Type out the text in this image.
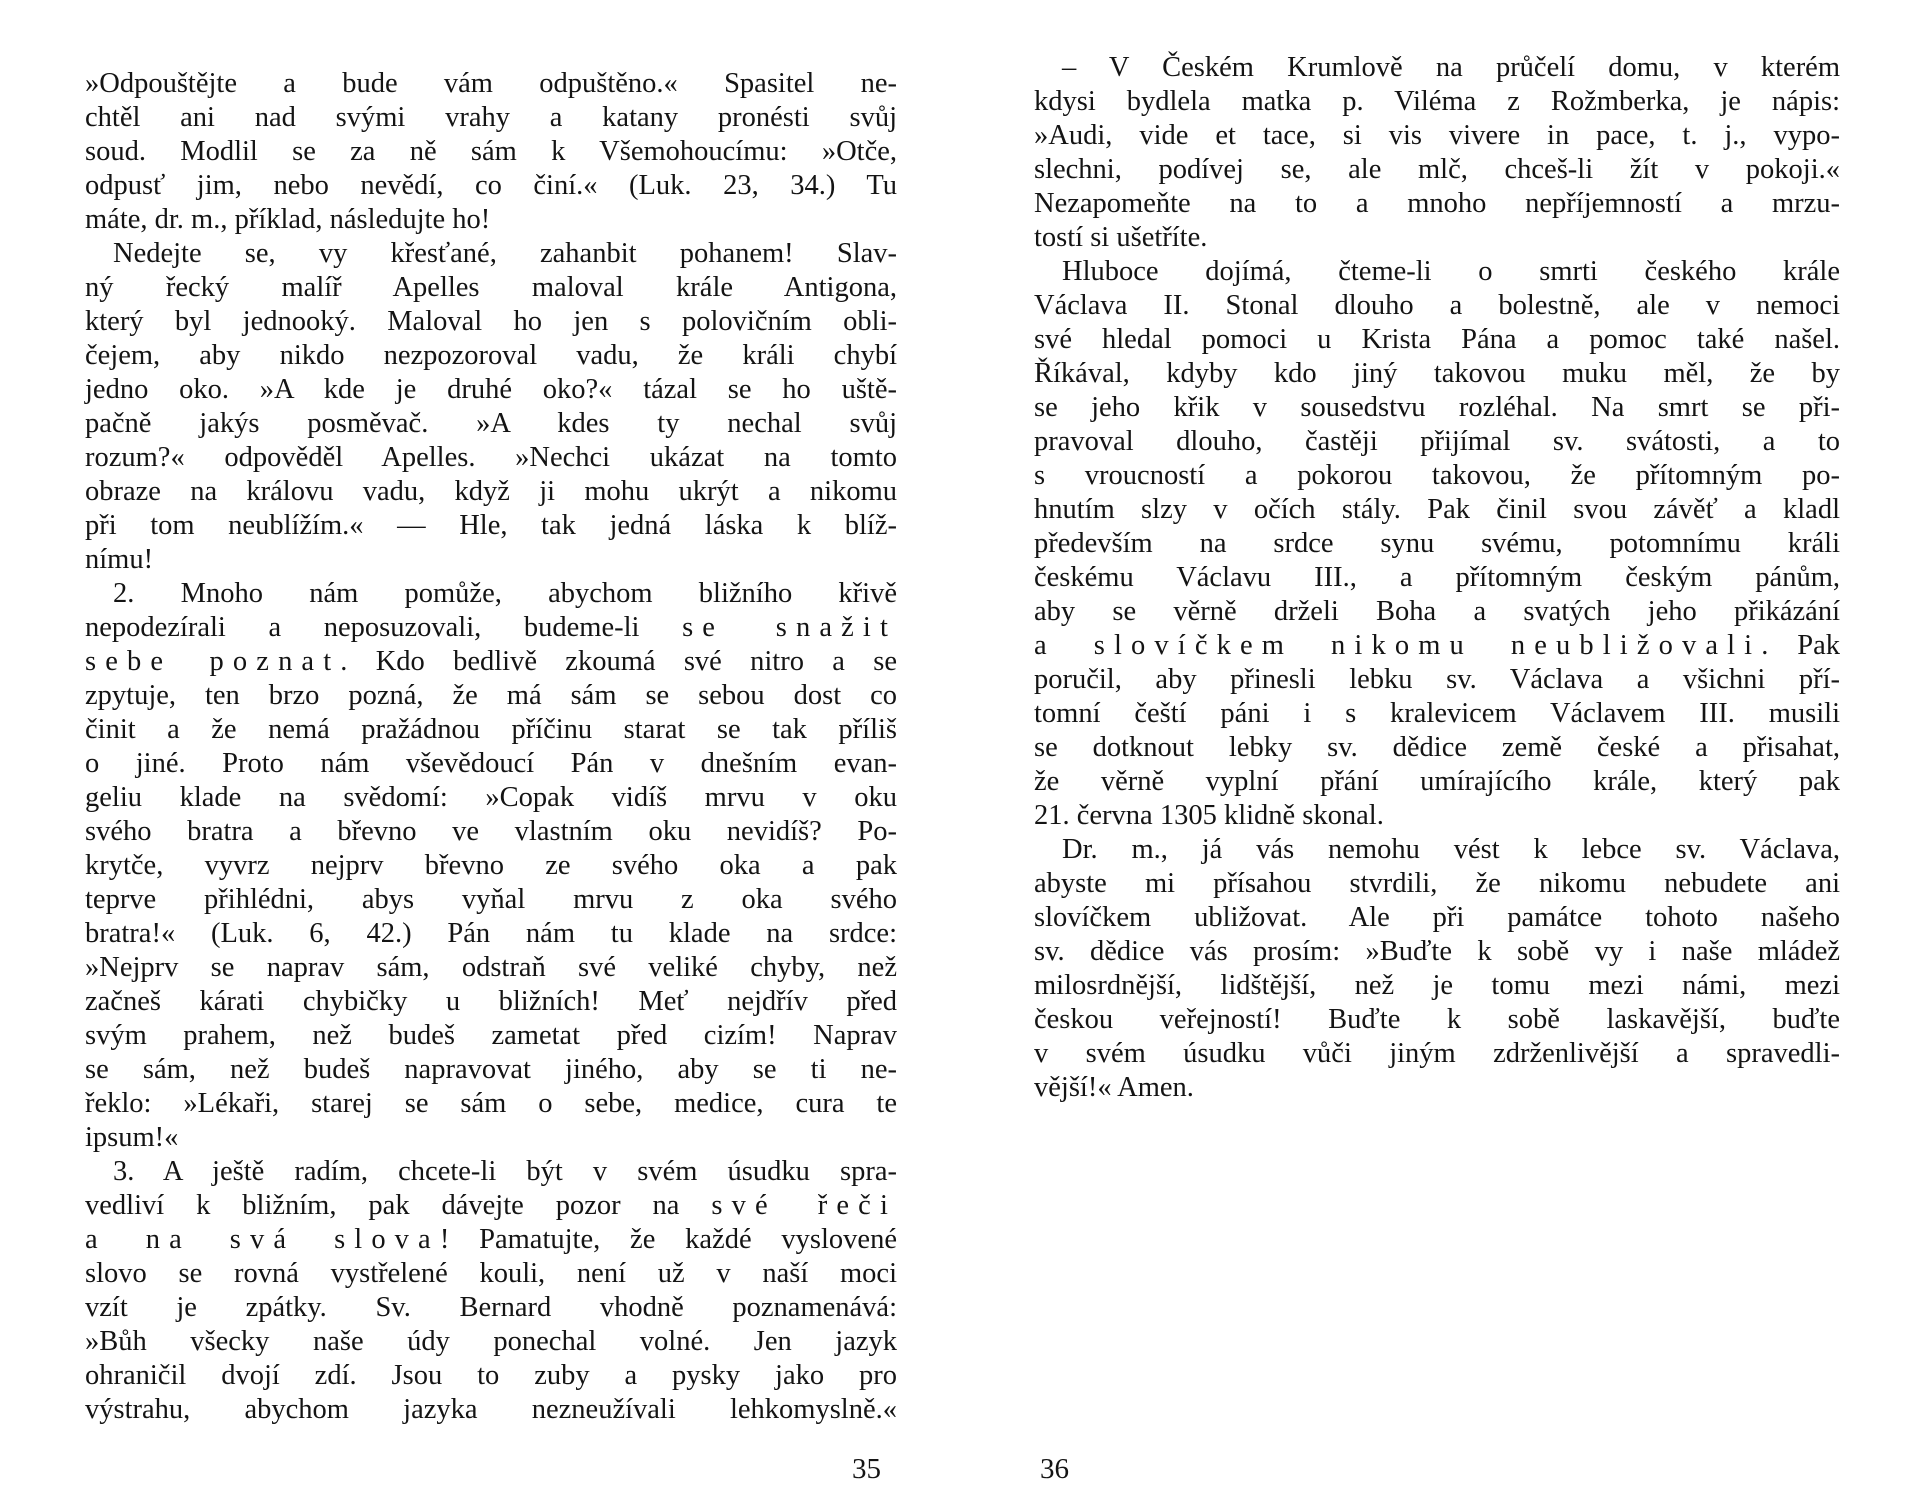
»Odpouštějte a bude vám odpuštěno.« Spasitel ne-
chtěl ani nad svými vrahy a katany pronésti svůj
soud. Modlil se za ně sám k Všemohoucímu: »Otče,
odpusť jim, nebo nevědí, co činí.« (Luk. 23, 34.) Tu
máte, dr. m., příklad, následujte ho!
Nedejte se, vy křesťané, zahanbit pohanem! Slav-
ný řecký malíř Apelles maloval krále Antigona,
který byl jednooký. Maloval ho jen s polovičním obli-
čejem, aby nikdo nezpozoroval vadu, že králi chybí
jedno oko. »A kde je druhé oko?« tázal se ho uště-
pačně jakýs posměvač. »A kdes ty nechal svůj
rozum?« odpověděl Apelles. »Nechci ukázat na tomto
obraze na královu vadu, když ji mohu ukrýt a nikomu
při tom neublížím.« — Hle, tak jedná láska k blíž-
nímu!
2. Mnoho nám pomůže, abychom bližního křivě
nepodezírali a neposuzovali, budeme-li se snažit
sebe poznat. Kdo bedlivě zkoumá své nitro a se
zpytuje, ten brzo pozná, že má sám se sebou dost co
činit a že nemá pražádnou příčinu starat se tak příliš
o jiné. Proto nám vševědoucí Pán v dnešním evan-
geliu klade na svědomí: »Copak vidíš mrvu v oku
svého bratra a břevno ve vlastním oku nevidíš? Po-
krytče, vyvrz nejprv břevno ze svého oka a pak
teprve přihlédni, abys vyňal mrvu z oka svého
bratra!« (Luk. 6, 42.) Pán nám tu klade na srdce:
»Nejprv se naprav sám, odstraň své veliké chyby, než
začneš kárati chybičky u bližních! Meť nejdřív před
svým prahem, než budeš zametat před cizím! Naprav
se sám, než budeš napravovat jiného, aby se ti ne-
řeklo: »Lékaři, starej se sám o sebe, medice, cura te
ipsum!«
3. A ještě radím, chcete-li být v svém úsudku spra-
vedliví k bližním, pak dávejte pozor na své řeči
a na svá slova! Pamatujte, že každé vyslovené
slovo se rovná vystřelené kouli, není už v naší moci
vzít je zpátky. Sv. Bernard vhodně poznamenává:
»Bůh všecky naše údy ponechal volné. Jen jazyk
ohraničil dvojí zdí. Jsou to zuby a pysky jako pro
výstrahu, abychom jazyka nezneužívali lehkomyslně.«
– V Českém Krumlově na průčelí domu, v kterém
kdysi bydlela matka p. Viléma z Rožmberka, je nápis:
»Audi, vide et tace, si vis vivere in pace, t. j., vypo-
slechni, podívej se, ale mlč, chceš-li žít v pokoji.«
Nezapomeňte na to a mnoho nepříjemností a mrzu-
tostí si ušetříte.
Hluboce dojímá, čteme-li o smrti českého krále
Václava II. Stonal dlouho a bolestně, ale v nemoci
své hledal pomoci u Krista Pána a pomoc také našel.
Říkával, kdyby kdo jiný takovou muku měl, že by
se jeho křik v sousedstvu rozléhal. Na smrt se při-
pravoval dlouho, častěji přijímal sv. svátosti, a to
s vroucností a pokorou takovou, že přítomným po-
hnutím slzy v očích stály. Pak činil svou závěť a kladl
především na srdce synu svému, potomnímu králi
českému Václavu III., a přítomným českým pánům,
aby se věrně drželi Boha a svatých jeho přikázání
a slovíčkem nikomu neubližovali. Pak
poručil, aby přinesli lebku sv. Václava a všichni pří-
tomní čeští páni i s kralevicem Václavem III. musili
se dotknout lebky sv. dědice země české a přisahat,
že věrně vyplní přání umírajícího krále, který pak
21. června 1305 klidně skonal.
Dr. m., já vás nemohu vést k lebce sv. Václava,
abyste mi přísahou stvrdili, že nikomu nebudete ani
slovíčkem ubližovat. Ale při památce tohoto našeho
sv. dědice vás prosím: »Buďte k sobě vy i naše mládež
milosrdnější, lidštější, než je tomu mezi námi, mezi
českou veřejností! Buďte k sobě laskavější, buďte
v svém úsudku vůči jiným zdrženlivější a spravedli-
vější!« Amen.
35	36
